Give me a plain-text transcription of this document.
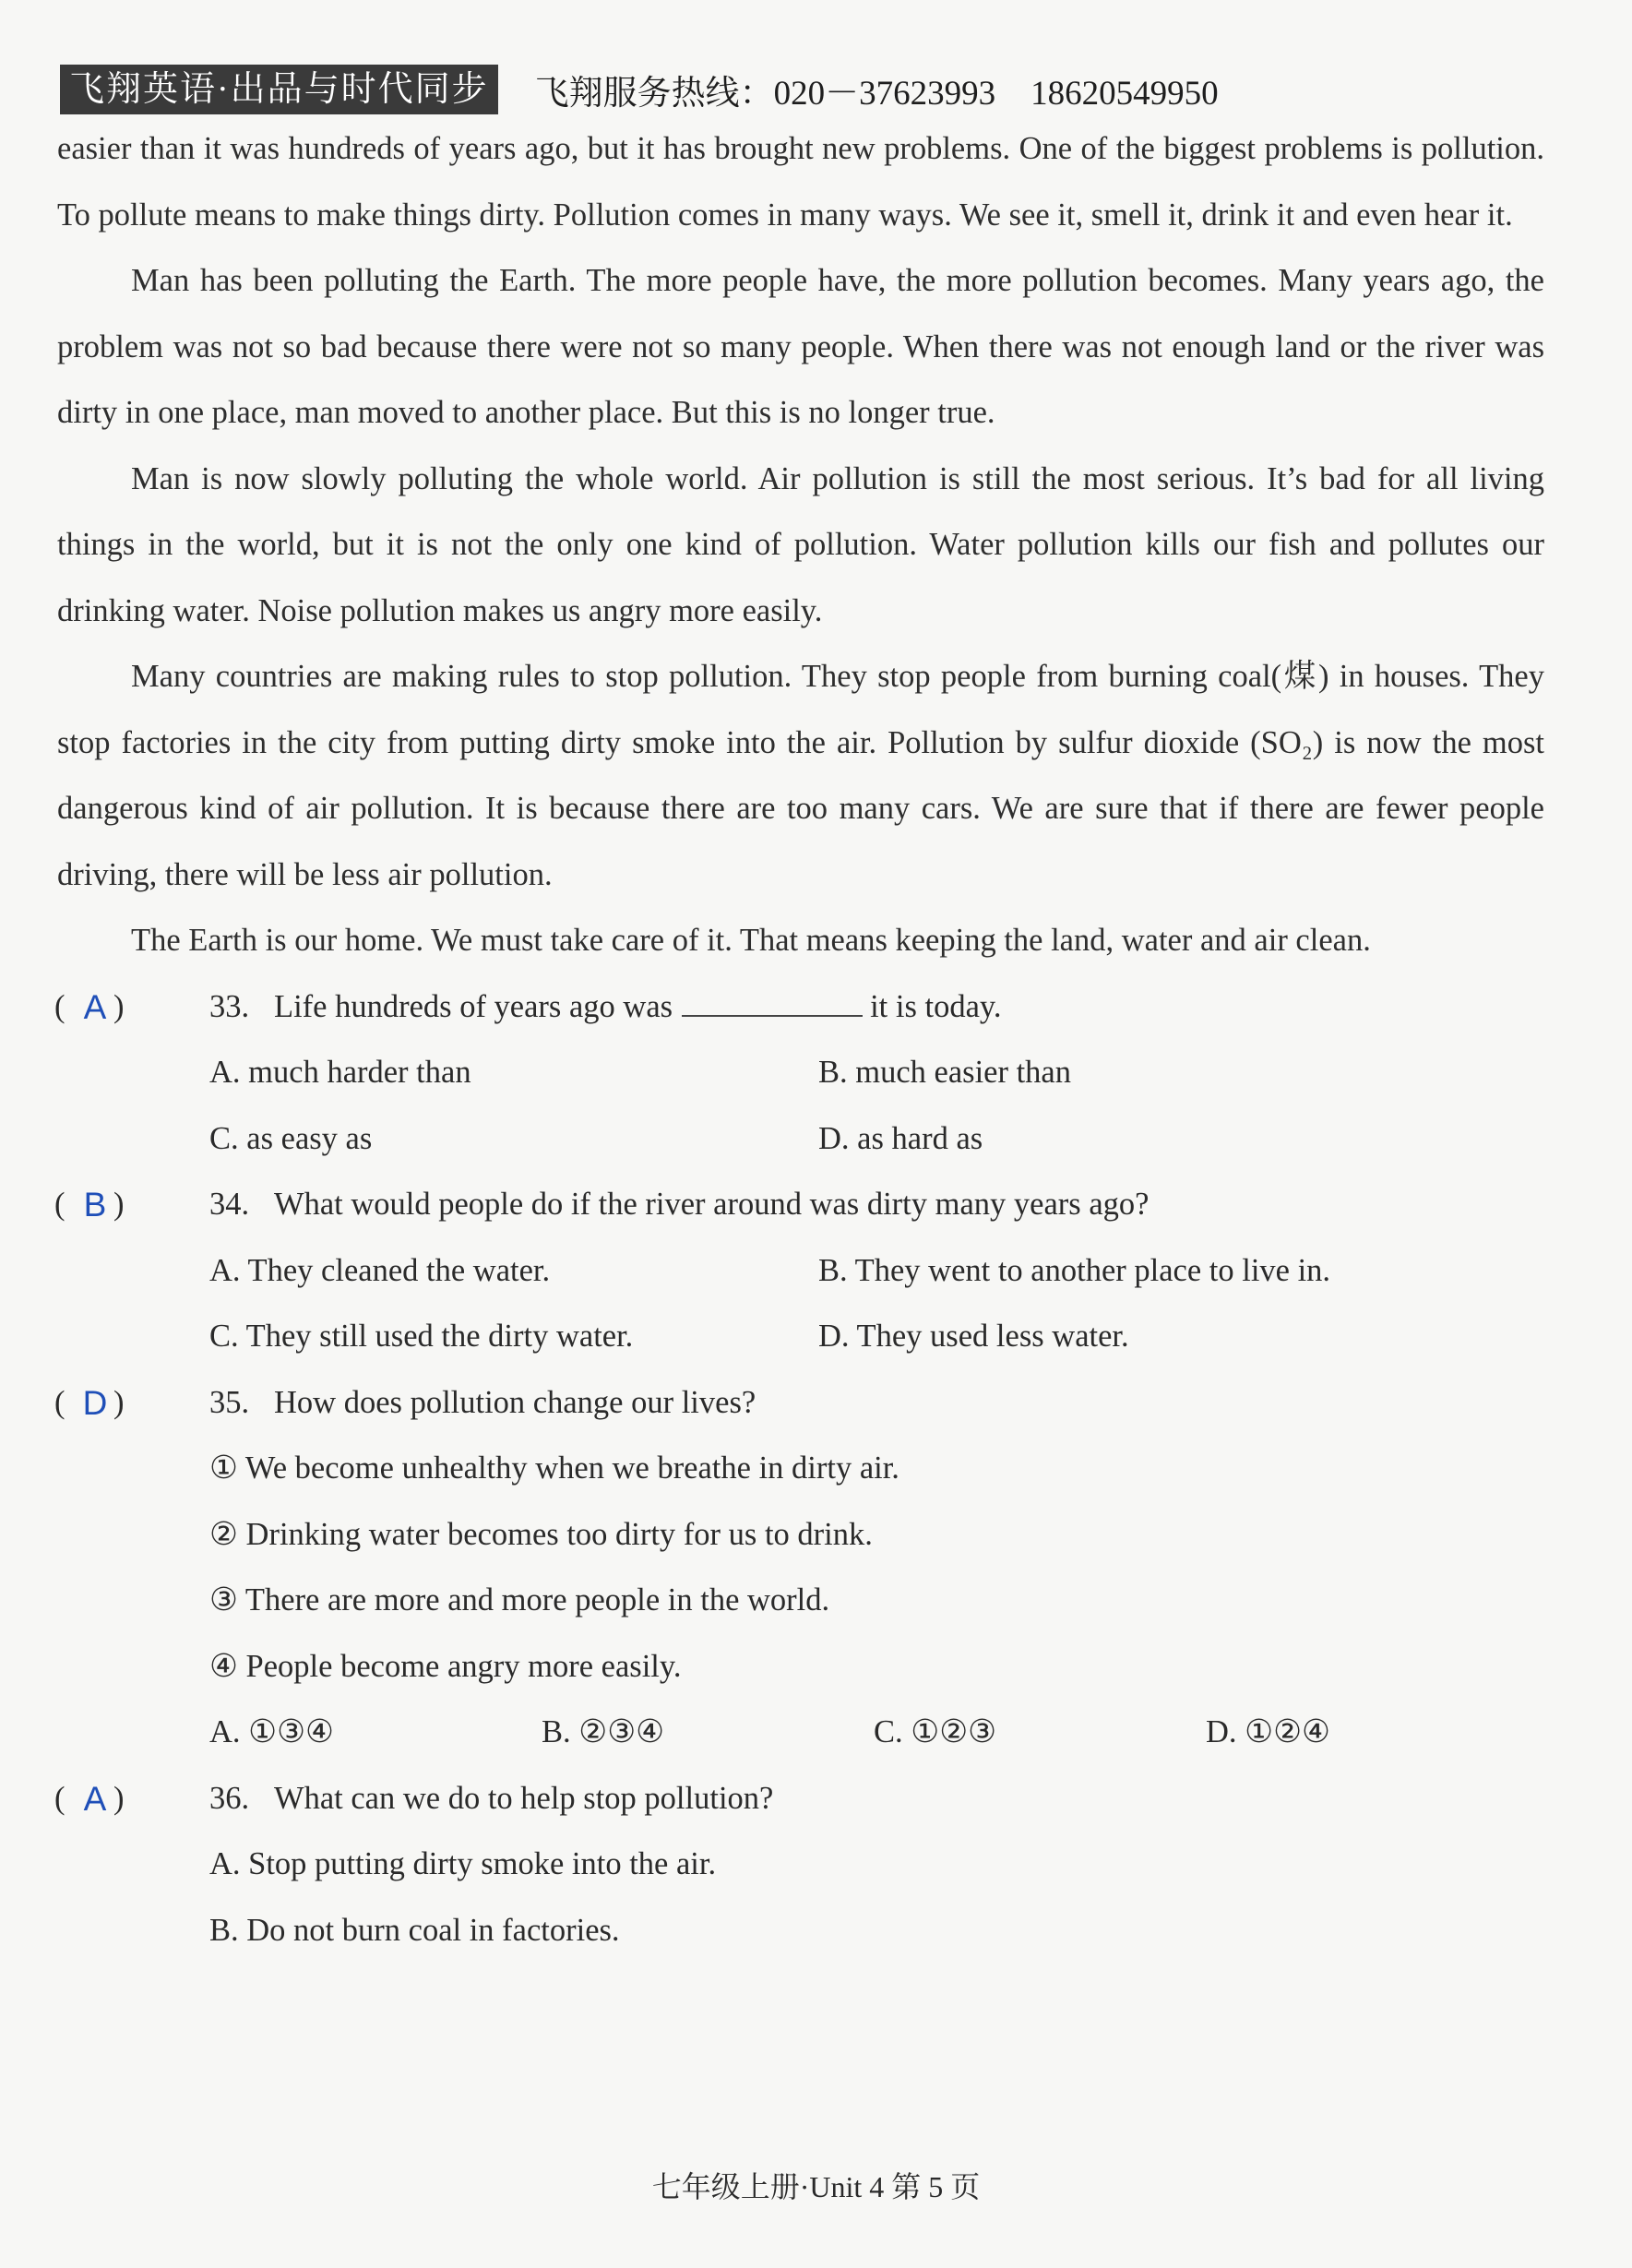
飞翔英语·出品与时代同步 飞翔服务热线：020－37623993 18620549950

easier than it was hundreds of years ago, but it has brought new problems. One of the biggest problems is pollution. To pollute means to make things dirty. Pollution comes in many ways. We see it, smell it, drink it and even hear it.

Man has been polluting the Earth. The more people have, the more pollution becomes. Many years ago, the problem was not so bad because there were not so many people. When there was not enough land or the river was dirty in one place, man moved to another place. But this is no longer true.

Man is now slowly polluting the whole world. Air pollution is still the most serious. It’s bad for all living things in the world, but it is not the only one kind of pollution. Water pollution kills our fish and pollutes our drinking water. Noise pollution makes us angry more easily.

Many countries are making rules to stop pollution. They stop people from burning coal(煤) in houses. They stop factories in the city from putting dirty smoke into the air. Pollution by sulfur dioxide (SO₂) is now the most dangerous kind of air pollution. It is because there are too many cars. We are sure that if there are fewer people driving, there will be less air pollution.

The Earth is our home. We must take care of it. That means keeping the land, water and air clean.

( A )	33. Life hundreds of years ago was	it is today.
A. much harder than	B. much easier than
C. as easy as	D. as hard as
( B )	34. What would people do if the river around was dirty many years ago?
A. They cleaned the water.	B. They went to another place to live in.
C. They still used the dirty water.	D. They used less water.
( D )	35. How does pollution change our lives?
① We become unhealthy when we breathe in dirty air.
② Drinking water becomes too dirty for us to drink.
③ There are more and more people in the world.
④ People become angry more easily.
A. ①③④	B. ②③④	C. ①②③	D. ①②④
( A )	36. What can we do to help stop pollution?
A. Stop putting dirty smoke into the air.
B. Do not burn coal in factories.
七年级上册·Unit 4 第 5 页
